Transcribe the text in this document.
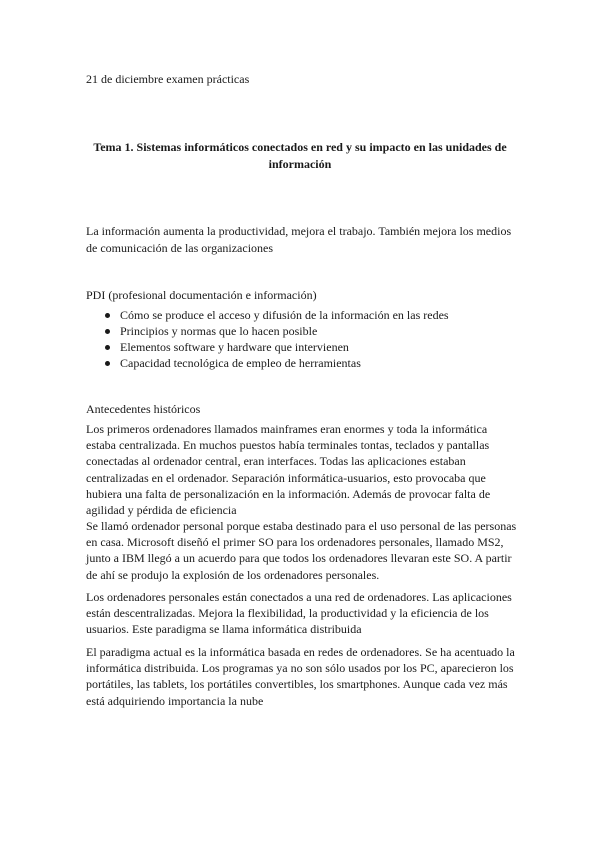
21 de diciembre examen prácticas
Tema 1. Sistemas informáticos conectados en red y su impacto en las unidades de
información
La información aumenta la productividad, mejora el trabajo. También mejora los medios de comunicación de las organizaciones
PDI (profesional documentación e información)
Cómo se produce el acceso y difusión de la información en las redes
Principios y normas que lo hacen posible
Elementos software y hardware que intervienen
Capacidad tecnológica de empleo de herramientas
Antecedentes históricos

Los primeros ordenadores llamados mainframes eran enormes y toda la informática estaba centralizada. En muchos puestos había terminales tontas, teclados y pantallas conectadas al ordenador central, eran interfaces. Todas las aplicaciones estaban centralizadas en el ordenador. Separación informática-usuarios, esto provocaba que hubiera una falta de personalización en la información. Además de provocar falta de agilidad y pérdida de eficiencia

Se llamó ordenador personal porque estaba destinado para el uso personal de las personas en casa. Microsoft diseñó el primer SO para los ordenadores personales, llamado MS2, junto a IBM llegó a un acuerdo para que todos los ordenadores llevaran este SO. A partir de ahí se produjo la explosión de los ordenadores personales.

Los ordenadores personales están conectados a una red de ordenadores. Las aplicaciones están descentralizadas. Mejora la flexibilidad, la productividad y la eficiencia de los usuarios. Este paradigma se llama informática distribuida

El paradigma actual es la informática basada en redes de ordenadores. Se ha acentuado la informática distribuida. Los programas ya no son sólo usados por los PC, aparecieron los portátiles, las tablets, los portátiles convertibles, los smartphones. Aunque cada vez más está adquiriendo importancia la nube
